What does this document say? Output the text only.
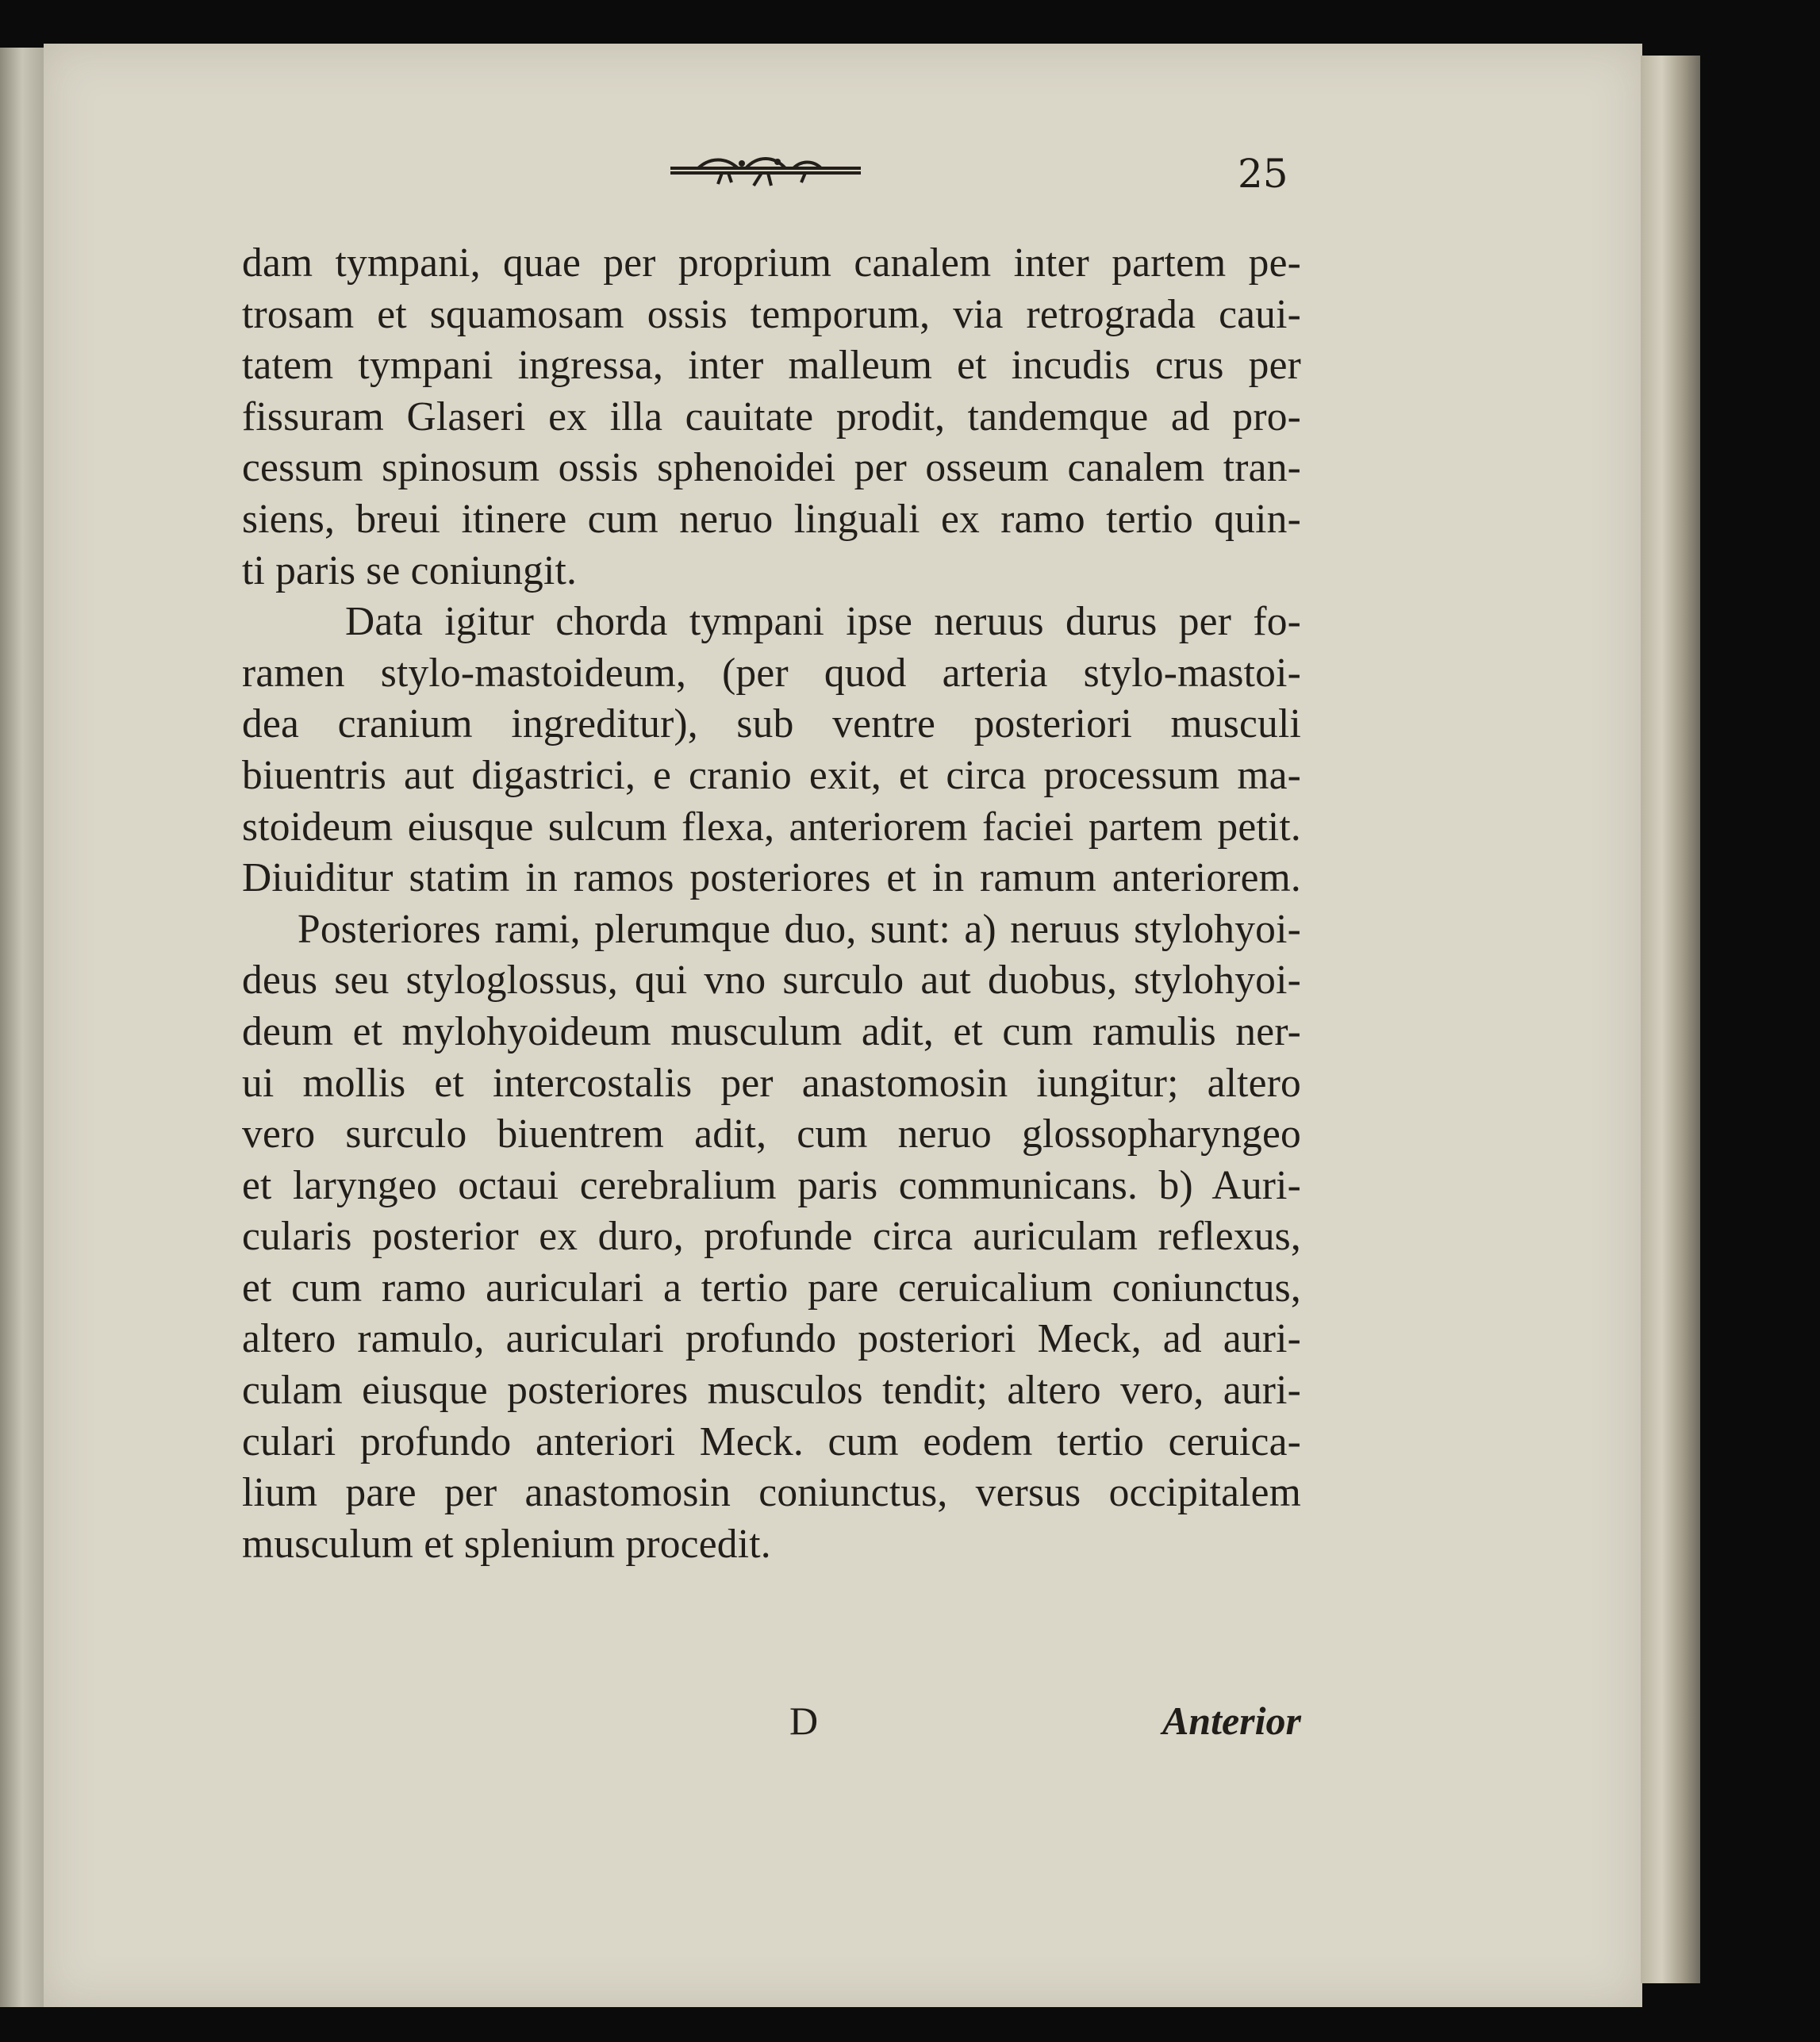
25
dam tympani, quae per proprium canalem inter partem pe-
trosam et squamosam ossis temporum, via retrograda caui-
tatem tympani ingressa, inter malleum et incudis crus per
fissuram Glaseri ex illa cauitate prodit, tandemque ad pro-
cessum spinosum ossis sphenoidei per osseum canalem tran-
siens, breui itinere cum neruo linguali ex ramo tertio quin-
ti paris se coniungit.
Data igitur chorda tympani ipse neruus durus per fo-
ramen stylo-mastoideum, (per quod arteria stylo-mastoi-
dea cranium ingreditur), sub ventre posteriori musculi
biuentris aut digastrici, e cranio exit, et circa processum ma-
stoideum eiusque sulcum flexa, anteriorem faciei partem petit.
Diuiditur statim in ramos posteriores et in ramum anteriorem.
Posteriores rami, plerumque duo, sunt: a) neruus stylohyoi-
deus seu styloglossus, qui vno surculo aut duobus, stylohyoi-
deum et mylohyoideum musculum adit, et cum ramulis ner-
ui mollis et intercostalis per anastomosin iungitur; altero
vero surculo biuentrem adit, cum neruo glossopharyngeo
et laryngeo octaui cerebralium paris communicans. b) Auri-
cularis posterior ex duro, profunde circa auriculam reflexus,
et cum ramo auriculari a tertio pare ceruicalium coniunctus,
altero ramulo, auriculari profundo posteriori Meck, ad auri-
culam eiusque posteriores musculos tendit; altero vero, auri-
culari profundo anteriori Meck. cum eodem tertio ceruica-
lium pare per anastomosin coniunctus, versus occipitalem
musculum et splenium procedit.
D	Anterior
